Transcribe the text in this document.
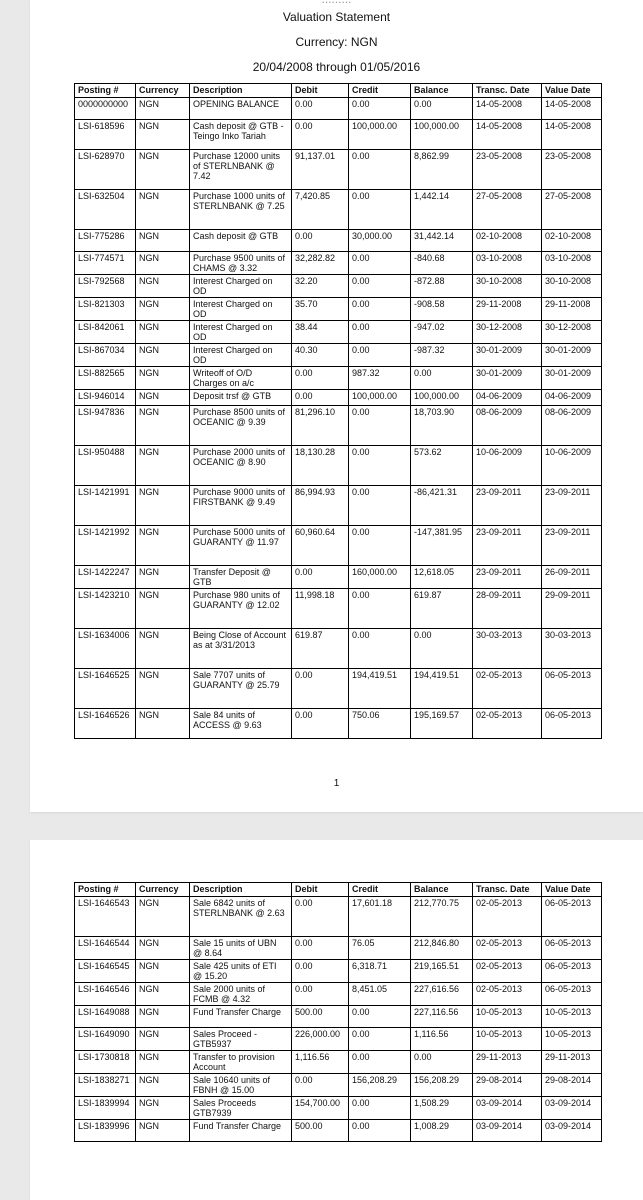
Valuation Statement
Currency: NGN
20/04/2008 through 01/05/2016
Posting #	Currency	Description	Debit	Credit	Balance	Transc. Date	Value Date
0000000000	NGN	OPENING BALANCE	0.00	0.00	0.00	14-05-2008	14-05-2008
LSI-618596	NGN	Cash deposit @ GTB - Teingo Inko Tariah	0.00	100,000.00	100,000.00	14-05-2008	14-05-2008
LSI-628970	NGN	Purchase 12000 units of STERLNBANK @ 7.42	91,137.01	0.00	8,862.99	23-05-2008	23-05-2008
LSI-632504	NGN	Purchase 1000 units of STERLNBANK @ 7.25	7,420.85	0.00	1,442.14	27-05-2008	27-05-2008
LSI-775286	NGN	Cash deposit @ GTB	0.00	30,000.00	31,442.14	02-10-2008	02-10-2008
LSI-774571	NGN	Purchase 9500 units of CHAMS @ 3.32	32,282.82	0.00	-840.68	03-10-2008	03-10-2008
LSI-792568	NGN	Interest Charged on OD	32.20	0.00	-872.88	30-10-2008	30-10-2008
LSI-821303	NGN	Interest Charged on OD	35.70	0.00	-908.58	29-11-2008	29-11-2008
LSI-842061	NGN	Interest Charged on OD	38.44	0.00	-947.02	30-12-2008	30-12-2008
LSI-867034	NGN	Interest Charged on OD	40.30	0.00	-987.32	30-01-2009	30-01-2009
LSI-882565	NGN	Writeoff of O/D Charges on a/c	0.00	987.32	0.00	30-01-2009	30-01-2009
LSI-946014	NGN	Deposit trsf @ GTB	0.00	100,000.00	100,000.00	04-06-2009	04-06-2009
LSI-947836	NGN	Purchase 8500 units of OCEANIC @ 9.39	81,296.10	0.00	18,703.90	08-06-2009	08-06-2009
LSI-950488	NGN	Purchase 2000 units of OCEANIC @ 8.90	18,130.28	0.00	573.62	10-06-2009	10-06-2009
LSI-1421991	NGN	Purchase 9000 units of FIRSTBANK @ 9.49	86,994.93	0.00	-86,421.31	23-09-2011	23-09-2011
LSI-1421992	NGN	Purchase 5000 units of GUARANTY @ 11.97	60,960.64	0.00	-147,381.95	23-09-2011	23-09-2011
LSI-1422247	NGN	Transfer Deposit @ GTB	0.00	160,000.00	12,618.05	23-09-2011	26-09-2011
LSI-1423210	NGN	Purchase 980 units of GUARANTY @ 12.02	11,998.18	0.00	619.87	28-09-2011	29-09-2011
LSI-1634006	NGN	Being Close of Account as at 3/31/2013	619.87	0.00	0.00	30-03-2013	30-03-2013
LSI-1646525	NGN	Sale 7707 units of GUARANTY @ 25.79	0.00	194,419.51	194,419.51	02-05-2013	06-05-2013
LSI-1646526	NGN	Sale 84 units of ACCESS @ 9.63	0.00	750.06	195,169.57	02-05-2013	06-05-2013
1
Posting #	Currency	Description	Debit	Credit	Balance	Transc. Date	Value Date
LSI-1646543	NGN	Sale 6842 units of STERLNBANK @ 2.63	0.00	17,601.18	212,770.75	02-05-2013	06-05-2013
LSI-1646544	NGN	Sale 15 units of UBN @ 8.64	0.00	76.05	212,846.80	02-05-2013	06-05-2013
LSI-1646545	NGN	Sale 425 units of ETI @ 15.20	0.00	6,318.71	219,165.51	02-05-2013	06-05-2013
LSI-1646546	NGN	Sale 2000 units of FCMB @ 4.32	0.00	8,451.05	227,616.56	02-05-2013	06-05-2013
LSI-1649088	NGN	Fund Transfer Charge	500.00	0.00	227,116.56	10-05-2013	10-05-2013
LSI-1649090	NGN	Sales Proceed - GTB5937	226,000.00	0.00	1,116.56	10-05-2013	10-05-2013
LSI-1730818	NGN	Transfer to provision Account	1,116.56	0.00	0.00	29-11-2013	29-11-2013
LSI-1838271	NGN	Sale 10640 units of FBNH @ 15.00	0.00	156,208.29	156,208.29	29-08-2014	29-08-2014
LSI-1839994	NGN	Sales Proceeds GTB7939	154,700.00	0.00	1,508.29	03-09-2014	03-09-2014
LSI-1839996	NGN	Fund Transfer Charge	500.00	0.00	1,008.29	03-09-2014	03-09-2014
